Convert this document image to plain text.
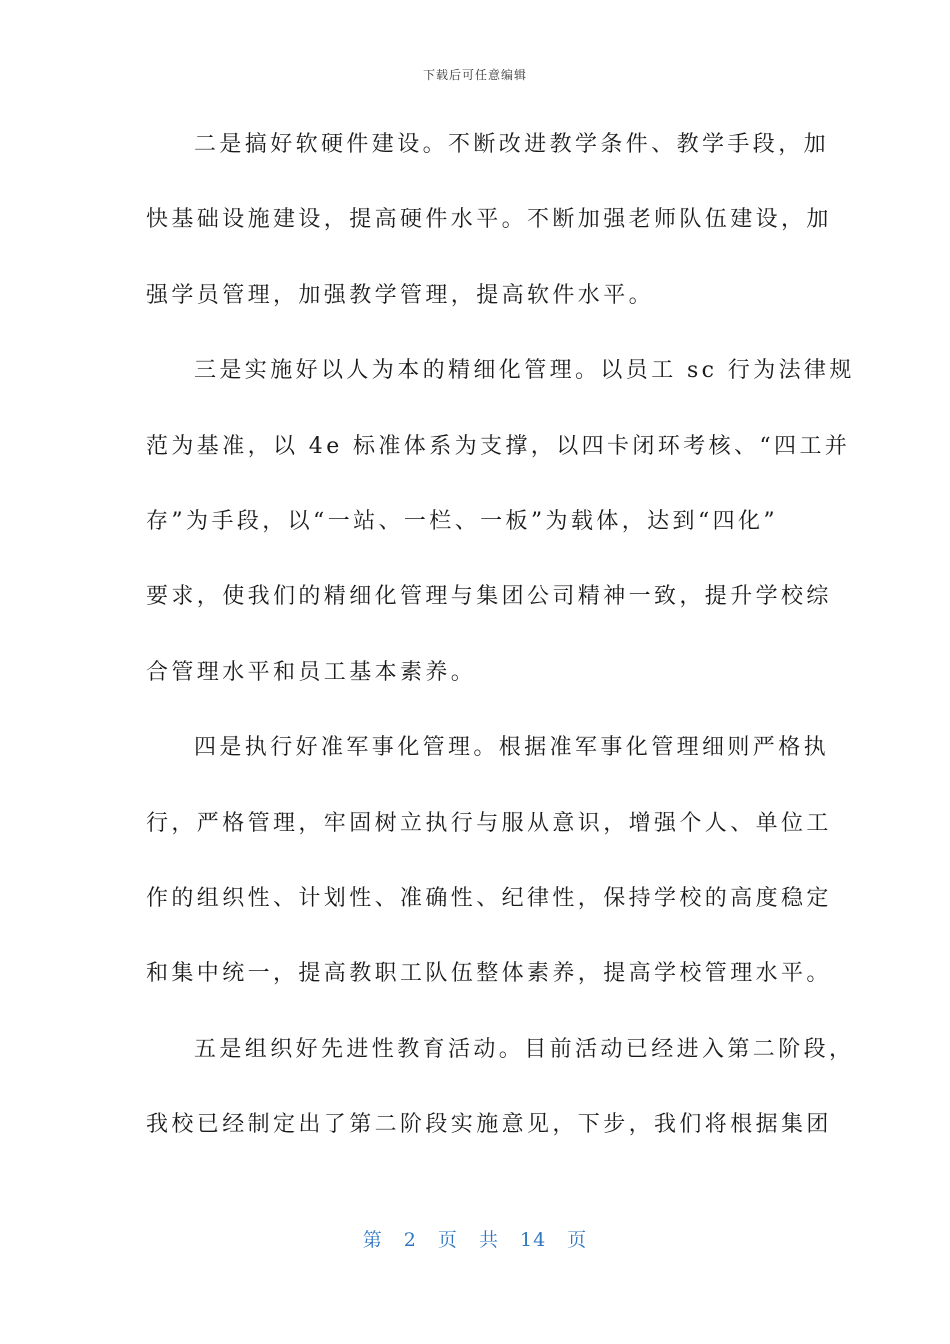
下载后可任意编辑
二是搞好软硬件建设。不断改进教学条件、教学手段，加
快基础设施建设，提高硬件水平。不断加强老师队伍建设，加
强学员管理，加强教学管理，提高软件水平。
三是实施好以人为本的精细化管理。以员工 sc 行为法律规
范为基准，以 4e 标准体系为支撑，以四卡闭环考核、“四工并
存”为手段，以“一站、一栏、一板”为载体，达到“四化”
要求，使我们的精细化管理与集团公司精神一致，提升学校综
合管理水平和员工基本素养。
四是执行好准军事化管理。根据准军事化管理细则严格执
行，严格管理，牢固树立执行与服从意识，增强个人、单位工
作的组织性、计划性、准确性、纪律性，保持学校的高度稳定
和集中统一，提高教职工队伍整体素养，提高学校管理水平。
五是组织好先进性教育活动。目前活动已经进入第二阶段，
我校已经制定出了第二阶段实施意见，下步，我们将根据集团
第 2 页 共 14 页
